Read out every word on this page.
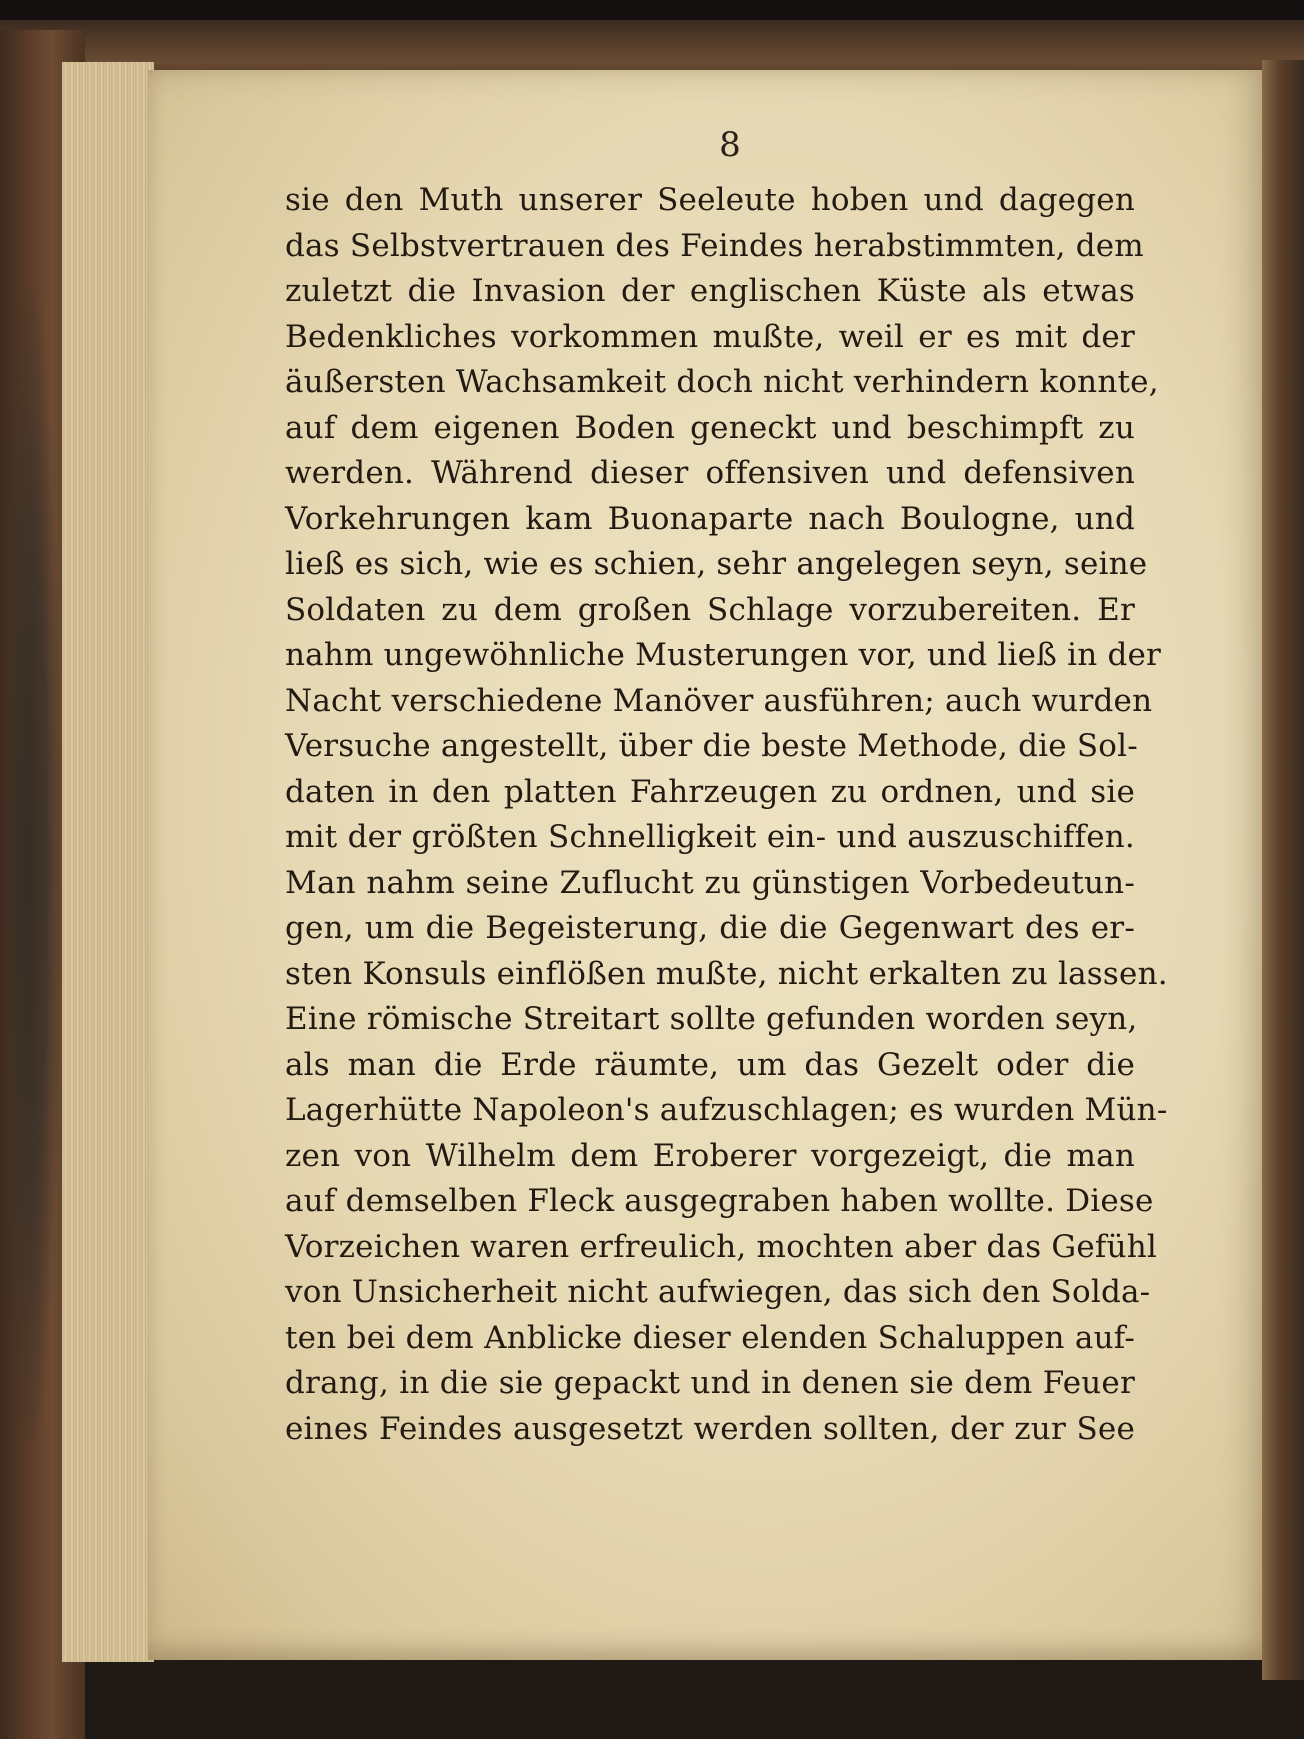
8
sie den Muth unserer Seeleute hoben und dagegen
das Selbstvertrauen des Feindes herabstimmten, dem
zuletzt die Invasion der englischen Küste als etwas
Bedenkliches vorkommen mußte, weil er es mit der
äußersten Wachsamkeit doch nicht verhindern konnte,
auf dem eigenen Boden geneckt und beschimpft zu
werden. Während dieser offensiven und defensiven
Vorkehrungen kam Buonaparte nach Boulogne, und
ließ es sich, wie es schien, sehr angelegen seyn, seine
Soldaten zu dem großen Schlage vorzubereiten. Er
nahm ungewöhnliche Musterungen vor, und ließ in der
Nacht verschiedene Manöver ausführen; auch wurden
Versuche angestellt, über die beste Methode, die Sol-
daten in den platten Fahrzeugen zu ordnen, und sie
mit der größten Schnelligkeit ein- und auszuschiffen.
Man nahm seine Zuflucht zu günstigen Vorbedeutun-
gen, um die Begeisterung, die die Gegenwart des er-
sten Konsuls einflößen mußte, nicht erkalten zu lassen.
Eine römische Streitart sollte gefunden worden seyn,
als man die Erde räumte, um das Gezelt oder die
Lagerhütte Napoleon's aufzuschlagen; es wurden Mün-
zen von Wilhelm dem Eroberer vorgezeigt, die man
auf demselben Fleck ausgegraben haben wollte. Diese
Vorzeichen waren erfreulich, mochten aber das Gefühl
von Unsicherheit nicht aufwiegen, das sich den Solda-
ten bei dem Anblicke dieser elenden Schaluppen auf-
drang, in die sie gepackt und in denen sie dem Feuer
eines Feindes ausgesetzt werden sollten, der zur See
